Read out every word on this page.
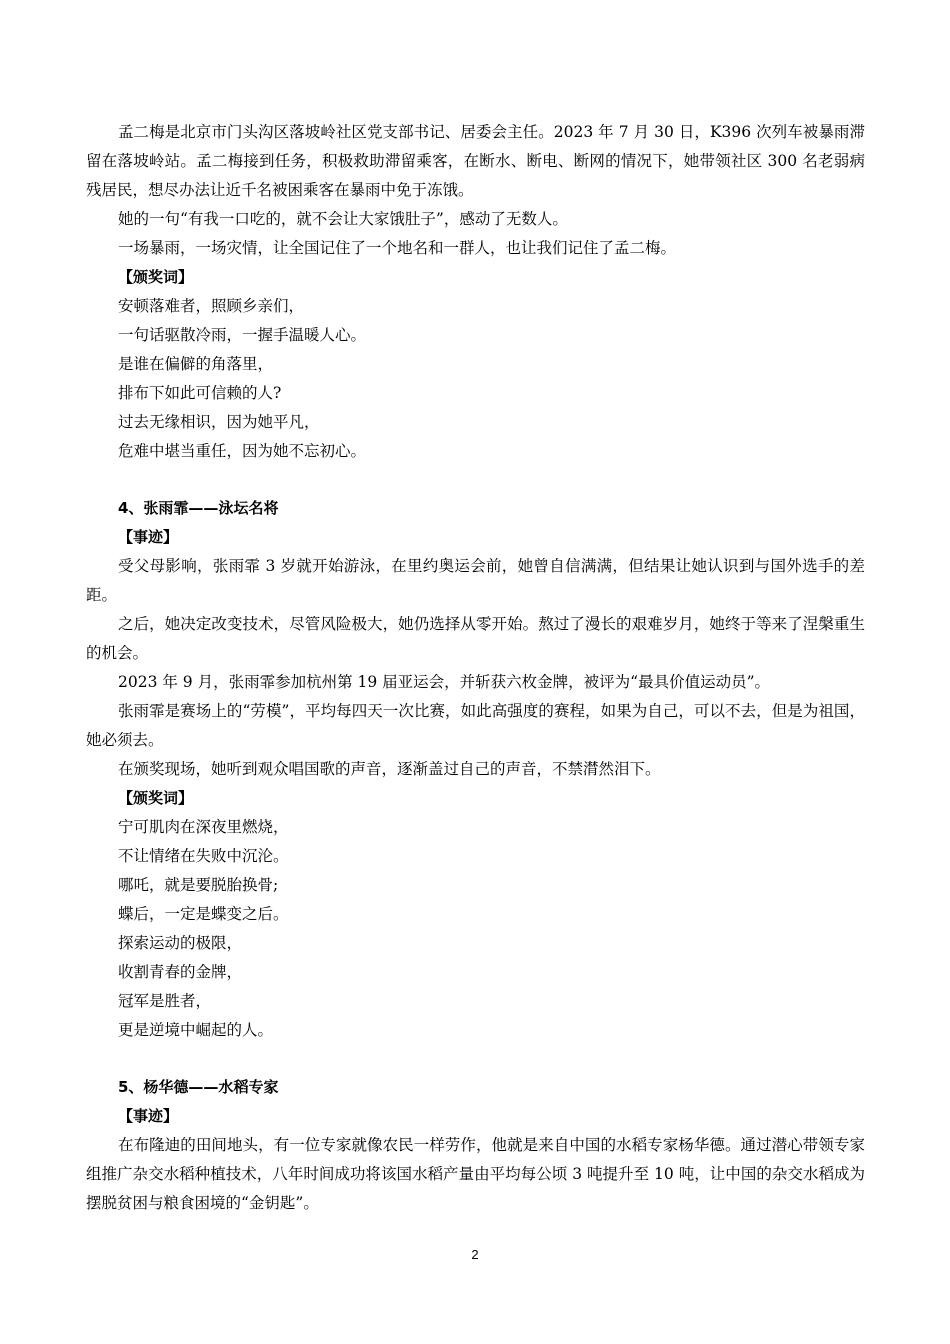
孟二梅是北京市门头沟区落坡岭社区党支部书记、居委会主任。2023 年 7 月 30 日，K396 次列车被暴雨滞留在落坡岭站。孟二梅接到任务，积极救助滞留乘客，在断水、断电、断网的情况下，她带领社区 300 名老弱病残居民，想尽办法让近千名被困乘客在暴雨中免于冻饿。

她的一句“有我一口吃的，就不会让大家饿肚子”，感动了无数人。

一场暴雨，一场灾情，让全国记住了一个地名和一群人，也让我们记住了孟二梅。

【颁奖词】

安顿落难者，照顾乡亲们，

一句话驱散冷雨，一握手温暖人心。

是谁在偏僻的角落里，

排布下如此可信赖的人?

过去无缘相识，因为她平凡，

危难中堪当重任，因为她不忘初心。

4、张雨霏——泳坛名将

【事迹】

受父母影响，张雨霏 3 岁就开始游泳，在里约奥运会前，她曾自信满满，但结果让她认识到与国外选手的差距。

之后，她决定改变技术，尽管风险极大，她仍选择从零开始。熬过了漫长的艰难岁月，她终于等来了涅槃重生的机会。

2023 年 9 月，张雨霏参加杭州第 19 届亚运会，并斩获六枚金牌，被评为“最具价值运动员”。

张雨霏是赛场上的“劳模”，平均每四天一次比赛，如此高强度的赛程，如果为自己，可以不去，但是为祖国，她必须去。

在颁奖现场，她听到观众唱国歌的声音，逐渐盖过自己的声音，不禁潸然泪下。

【颁奖词】

宁可肌肉在深夜里燃烧，

不让情绪在失败中沉沦。

哪吒，就是要脱胎换骨;

蝶后，一定是蝶变之后。

探索运动的极限，

收割青春的金牌，

冠军是胜者，

更是逆境中崛起的人。

5、杨华德——水稻专家

【事迹】

在布隆迪的田间地头，有一位专家就像农民一样劳作，他就是来自中国的水稻专家杨华德。通过潜心带领专家组推广杂交水稻种植技术，八年时间成功将该国水稻产量由平均每公顷 3 吨提升至 10 吨，让中国的杂交水稻成为摆脱贫困与粮食困境的“金钥匙”。

2
